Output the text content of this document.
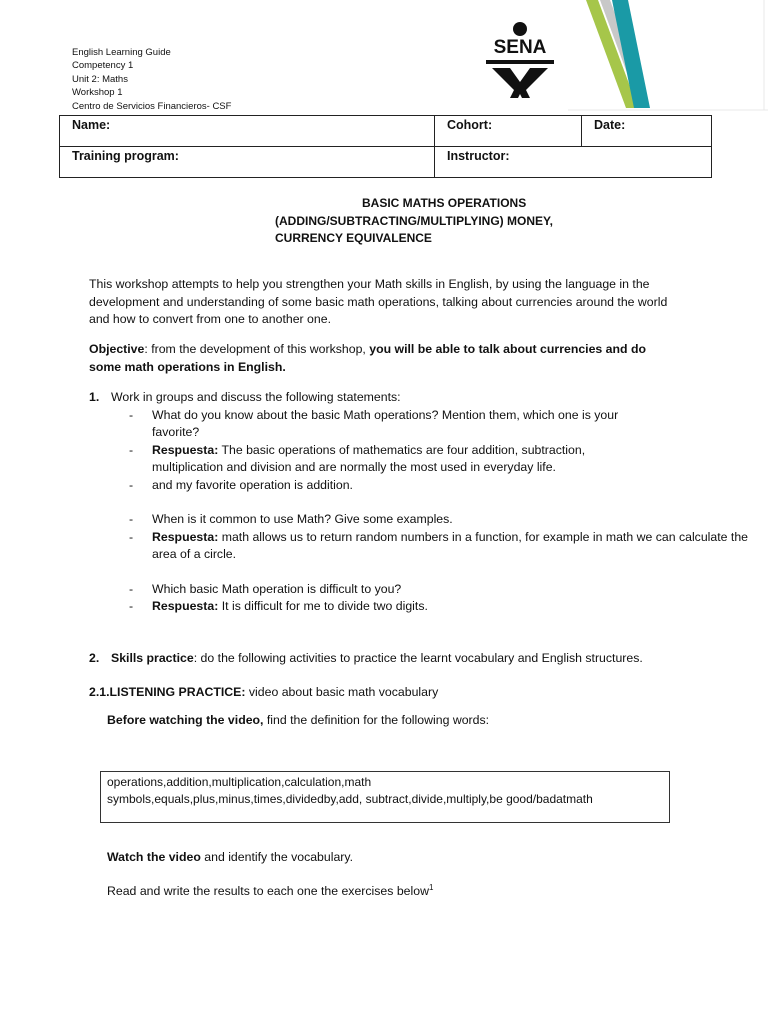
English Learning Guide
Competency 1
Unit 2: Maths
Workshop 1
Centro de Servicios Financieros- CSF
SENA
Name:	Cohort:	Date:
Training program:	Instructor:	
BASIC MATHS OPERATIONS
(ADDING/SUBTRACTING/MULTIPLYING) MONEY,
CURRENCY EQUIVALENCE
This workshop attempts to help you strengthen your Math skills in English, by using the language in the development and understanding of some basic math operations, talking about currencies around the world and how to convert from one to another one.
Objective: from the development of this workshop, you will be able to talk about currencies and do some math operations in English.
1. Work in groups and discuss the following statements:
- What do you know about the basic Math operations? Mention them, which one is your favorite?
- Respuesta: The basic operations of mathematics are four addition, subtraction, multiplication and division and are normally the most used in everyday life.
- and my favorite operation is addition.
- When is it common to use Math? Give some examples.
- Respuesta: math allows us to return random numbers in a function, for example in math we can calculate the area of a circle.
- Which basic Math operation is difficult to you?
- Respuesta: It is difficult for me to divide two digits.
2. Skills practice: do the following activities to practice the learnt vocabulary and English structures.
2.1.LISTENING PRACTICE: video about basic math vocabulary
Before watching the video, find the definition for the following words:
operations,addition,multiplication,calculation,math
symbols,equals,plus,minus,times,dividedby,add, subtract,divide,multiply,be good/badatmath
Watch the video and identify the vocabulary.
Read and write the results to each one the exercises below$^1$
